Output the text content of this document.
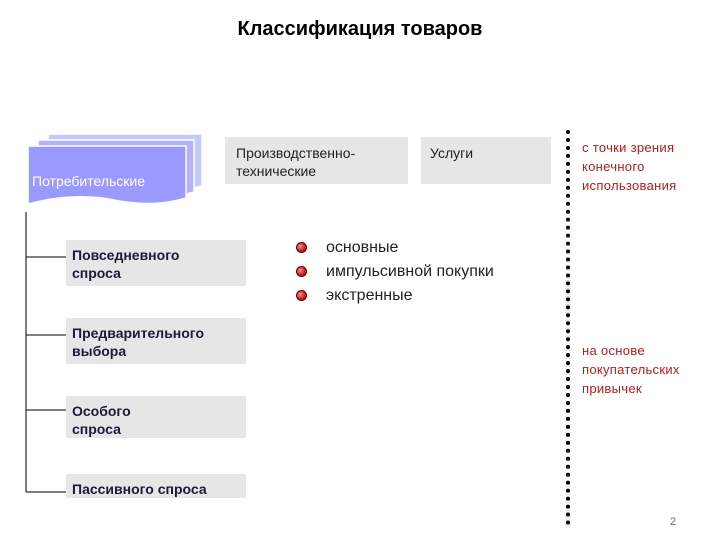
Классификация товаров
Потребительские
Производственно-технические
Услуги
Повседневного спроса
Предварительного выбора
Особого спроса
Пассивного спроса
основные
импульсивной покупки
экстренные
с точки зрения конечного использования
на основе покупательских привычек
2
